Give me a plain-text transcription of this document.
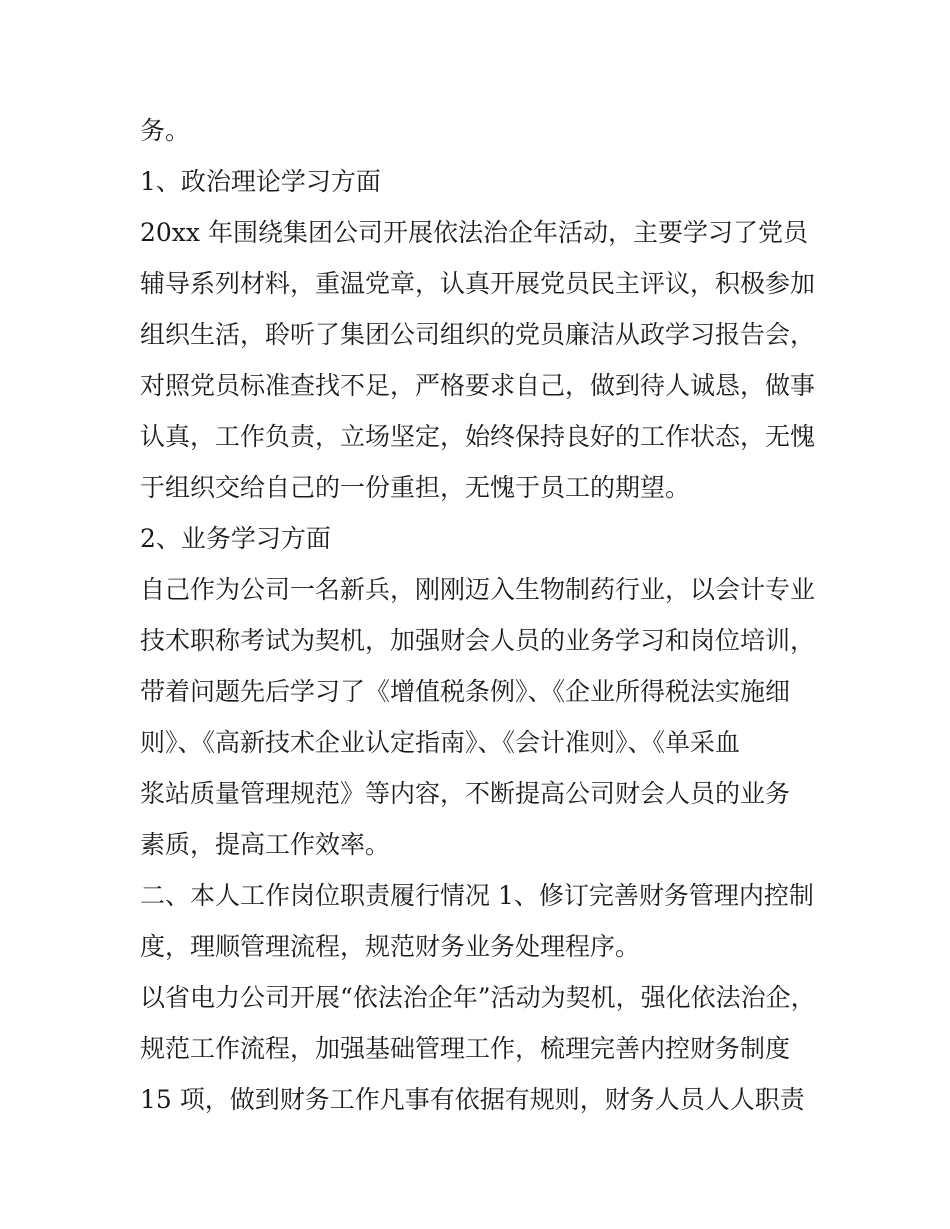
务。
1、政治理论学习方面
20xx 年围绕集团公司开展依法治企年活动，主要学习了党员
辅导系列材料，重温党章，认真开展党员民主评议，积极参加
组织生活，聆听了集团公司组织的党员廉洁从政学习报告会，
对照党员标准查找不足，严格要求自己，做到待人诚恳，做事
认真，工作负责，立场坚定，始终保持良好的工作状态，无愧
于组织交给自己的一份重担，无愧于员工的期望。
2、业务学习方面
自己作为公司一名新兵，刚刚迈入生物制药行业，以会计专业
技术职称考试为契机，加强财会人员的业务学习和岗位培训，
带着问题先后学习了《增值税条例》、《企业所得税法实施细
则》、《高新技术企业认定指南》、《会计准则》、《单采血
浆站质量管理规范》等内容，不断提高公司财会人员的业务
素质，提高工作效率。
二、本人工作岗位职责履行情况 1、修订完善财务管理内控制
度，理顺管理流程，规范财务业务处理程序。
以省电力公司开展“依法治企年”活动为契机，强化依法治企，
规范工作流程，加强基础管理工作，梳理完善内控财务制度
15 项，做到财务工作凡事有依据有规则，财务人员人人职责
